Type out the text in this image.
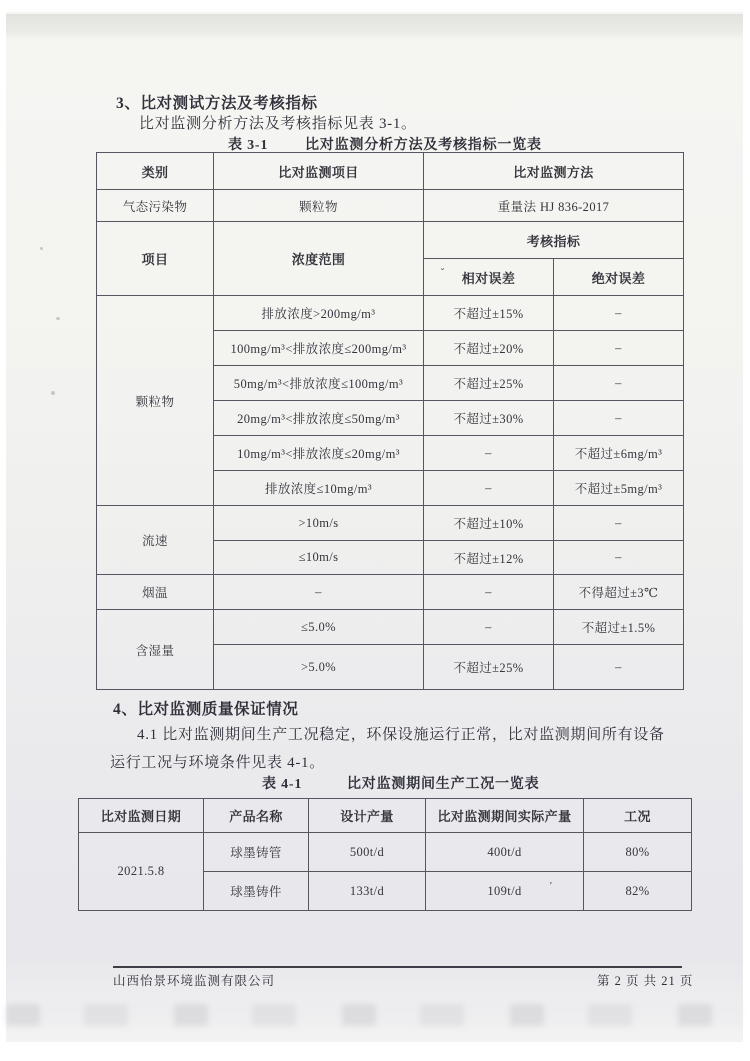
3、比对测试方法及考核指标
比对监测分析方法及考核指标见表 3-1。
表 3-1	比对监测分析方法及考核指标一览表
类别	比对监测项目	比对监测方法	
气态污染物	颗粒物	重量法 HJ 836-2017	
项目	浓度范围	考核指标	

		ˇ 相对误差	绝对误差
颗粒物	排放浓度>200mg/m³	不超过±15%	–
	100mg/m³<排放浓度≤200mg/m³	不超过±20%	–
	50mg/m³<排放浓度≤100mg/m³	不超过±25%	–
	20mg/m³<排放浓度≤50mg/m³	不超过±30%	–
	10mg/m³<排放浓度≤20mg/m³	–	不超过±6mg/m³
	排放浓度≤10mg/m³	–	不超过±5mg/m³
流速	>10m/s	不超过±10%	–
	≤10m/s	不超过±12%	–
烟温	–	–	不得超过±3℃
含湿量	≤5.0%	–	不超过±1.5%
	>5.0%	不超过±25%	–
4、比对监测质量保证情况
4.1 比对监测期间生产工况稳定，环保设施运行正常，比对监测期间所有设备
运行工况与环境条件见表 4-1。
表 4-1	比对监测期间生产工况一览表
比对监测日期	产品名称	设计产量	比对监测期间实际产量	工况
2021.5.8	球墨铸管	500t/d	400t/d	80%
	球墨铸件	133t/d	109t/d ’	82%
山西怡景环境监测有限公司	第 2 页 共 21 页
